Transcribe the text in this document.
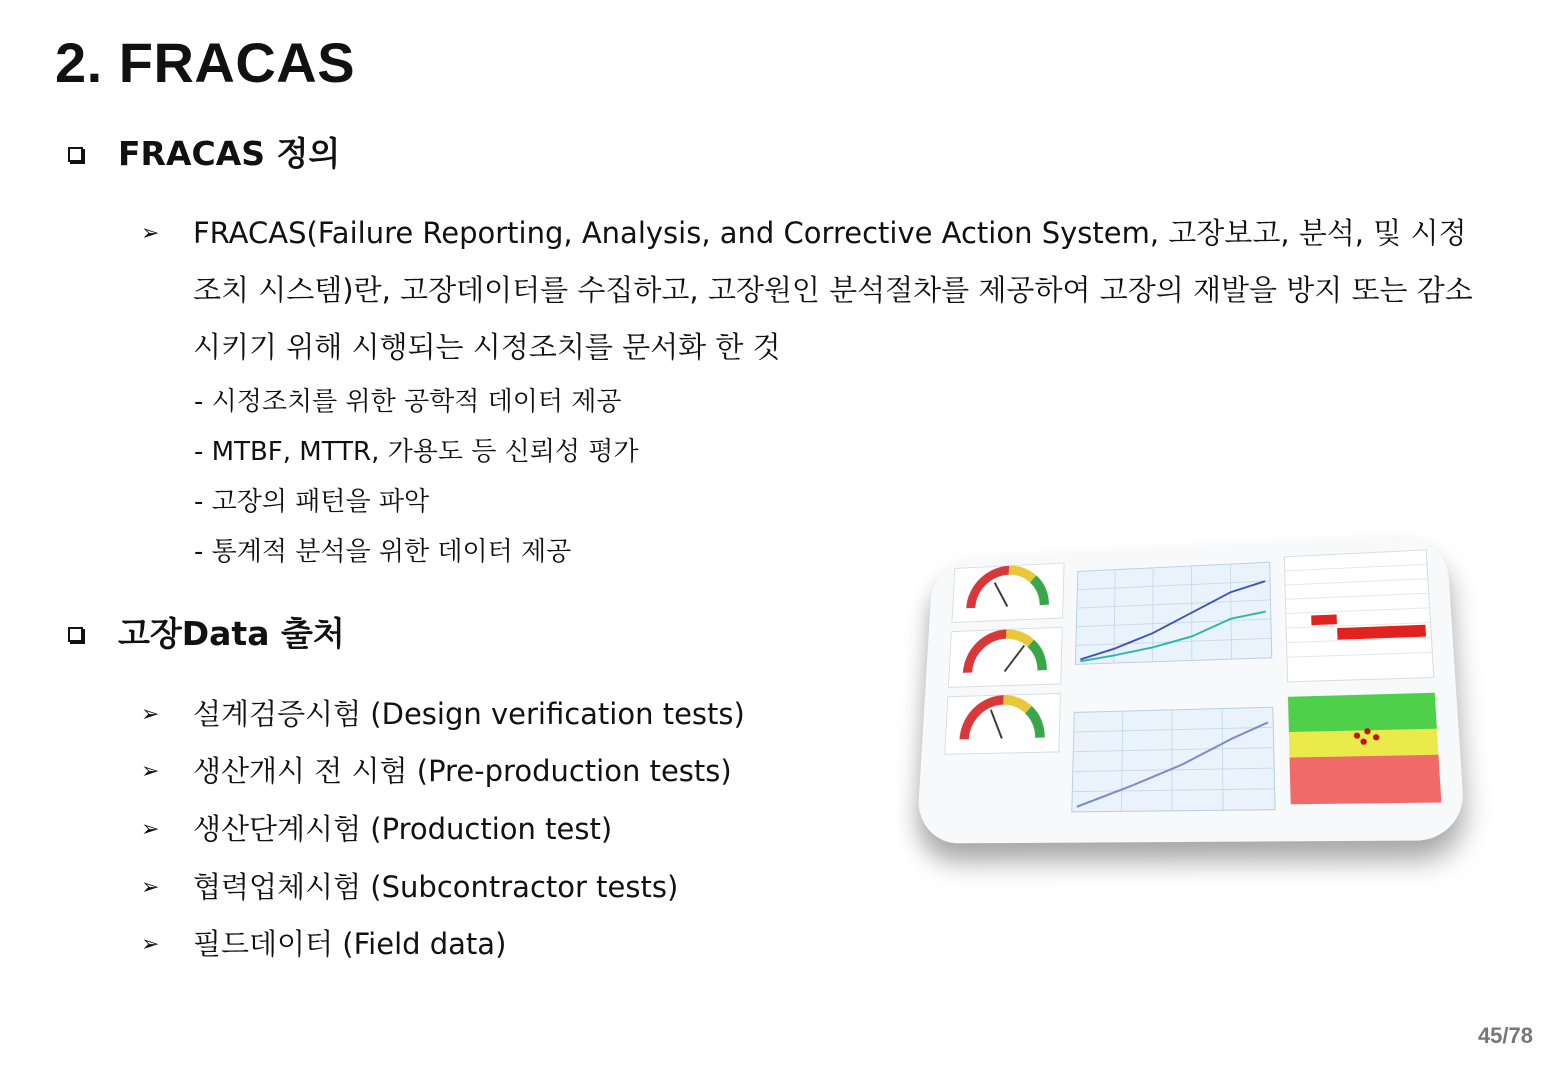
2. FRACAS
FRACAS 정의
➢	FRACAS(Failure Reporting, Analysis, and Corrective Action System, 고장보고, 분석, 및 시정조치 시스템)란, 고장데이터를 수집하고, 고장원인 분석절차를 제공하여 고장의 재발을 방지 또는 감소시키기 위해 시행되는 시정조치를 문서화 한 것
- 시정조치를 위한 공학적 데이터 제공
- MTBF, MTTR, 가용도 등 신뢰성 평가
- 고장의 패턴을 파악
- 통계적 분석을 위한 데이터 제공
고장Data 출처
➢	설계검증시험 (Design verification tests)
➢	생산개시 전 시험 (Pre-production tests)
➢	생산단계시험 (Production test)
➢	협력업체시험 (Subcontractor tests)
➢	필드데이터 (Field data)
45/78
